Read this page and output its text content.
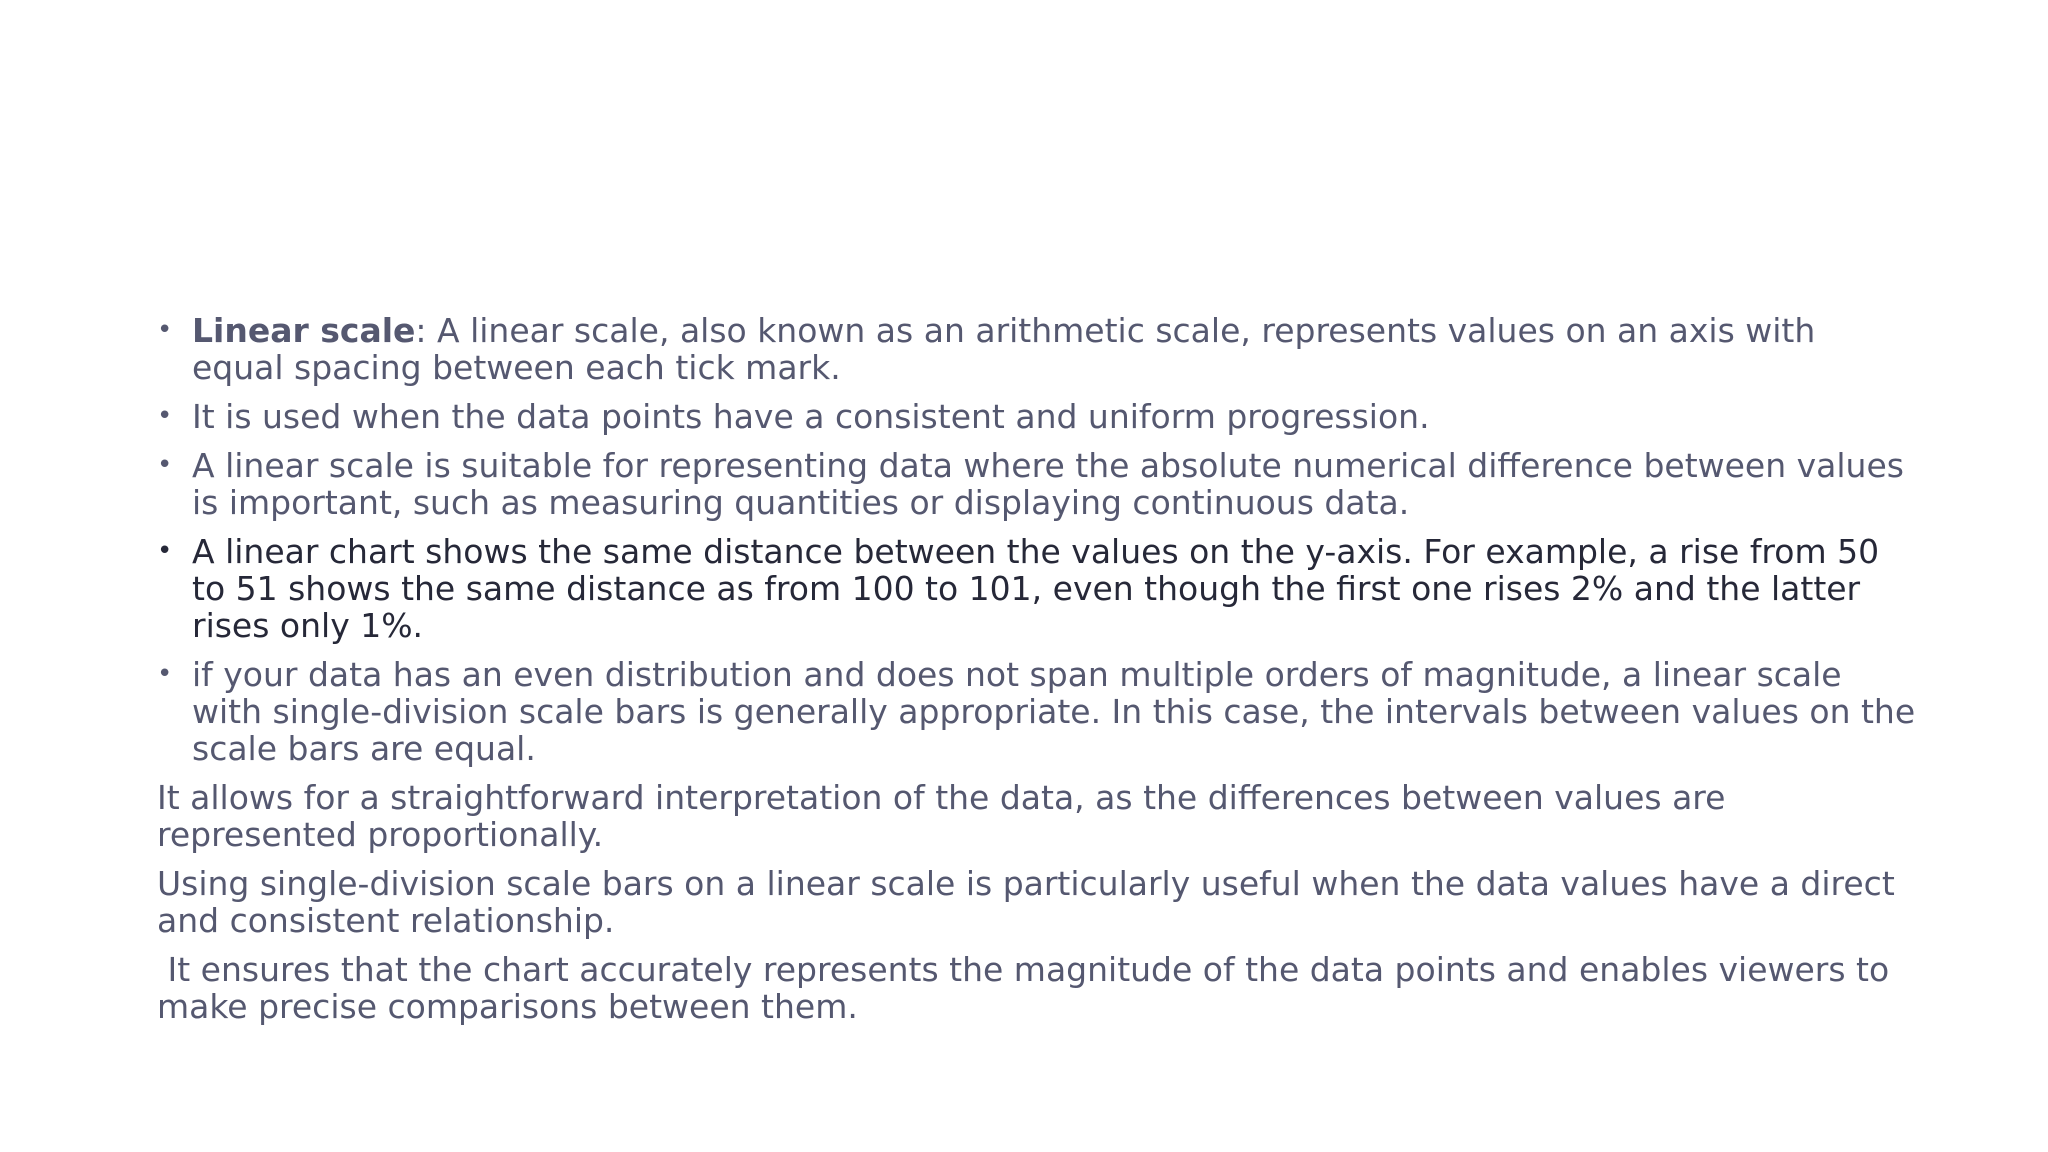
• Linear scale: A linear scale, also known as an arithmetic scale, represents values on an axis with equal spacing between each tick mark.
• It is used when the data points have a consistent and uniform progression.
• A linear scale is suitable for representing data where the absolute numerical difference between values is important, such as measuring quantities or displaying continuous data.
• A linear chart shows the same distance between the values on the y-axis. For example, a rise from 50 to 51 shows the same distance as from 100 to 101, even though the first one rises 2% and the latter rises only 1%.
• if your data has an even distribution and does not span multiple orders of magnitude, a linear scale with single-division scale bars is generally appropriate. In this case, the intervals between values on the scale bars are equal.

It allows for a straightforward interpretation of the data, as the differences between values are represented proportionally.

Using single-division scale bars on a linear scale is particularly useful when the data values have a direct and consistent relationship.

It ensures that the chart accurately represents the magnitude of the data points and enables viewers to make precise comparisons between them.
